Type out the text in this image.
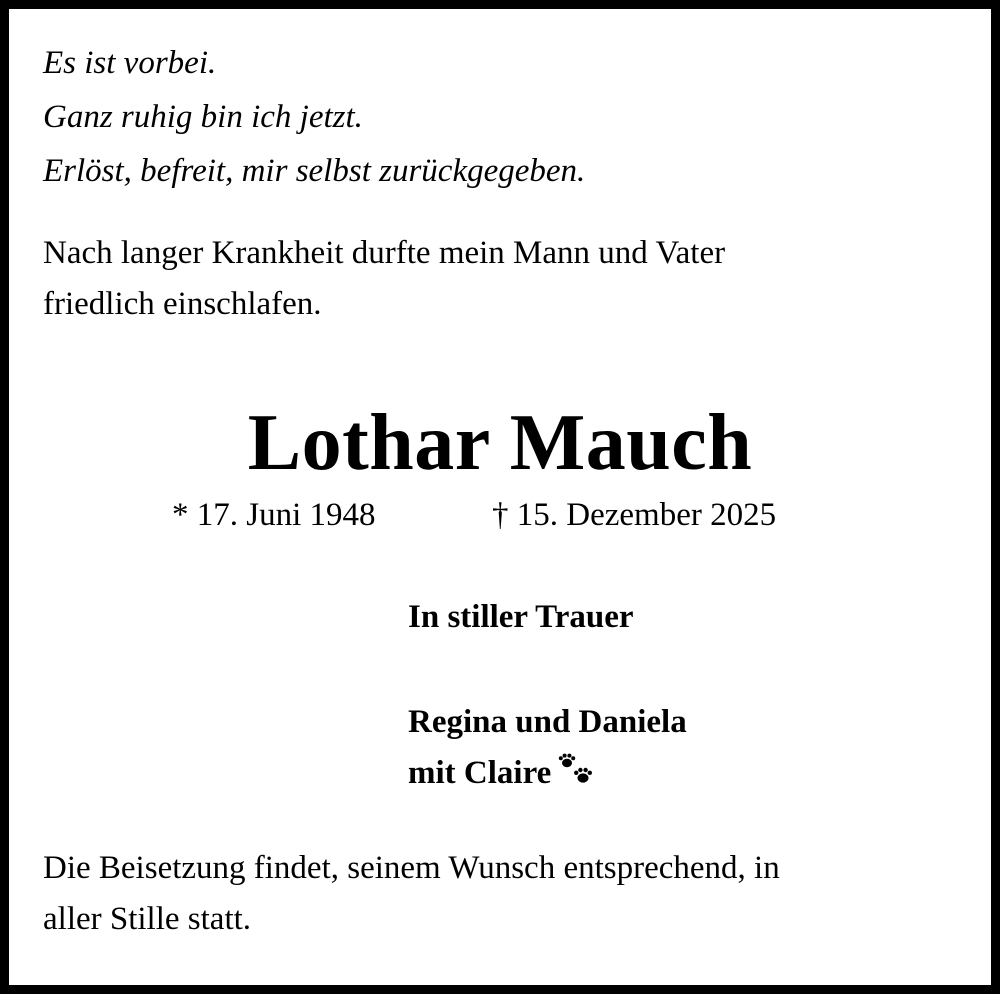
Es ist vorbei.
Ganz ruhig bin ich jetzt.
Erlöst, befreit, mir selbst zurückgegeben.
Nach langer Krankheit durfte mein Mann und Vater
friedlich einschlafen.
Lothar Mauch
* 17. Juni 1948	† 15. Dezember 2025
In stiller Trauer
Regina und Daniela
mit Claire
Die Beisetzung findet, seinem Wunsch entsprechend, in
aller Stille statt.
